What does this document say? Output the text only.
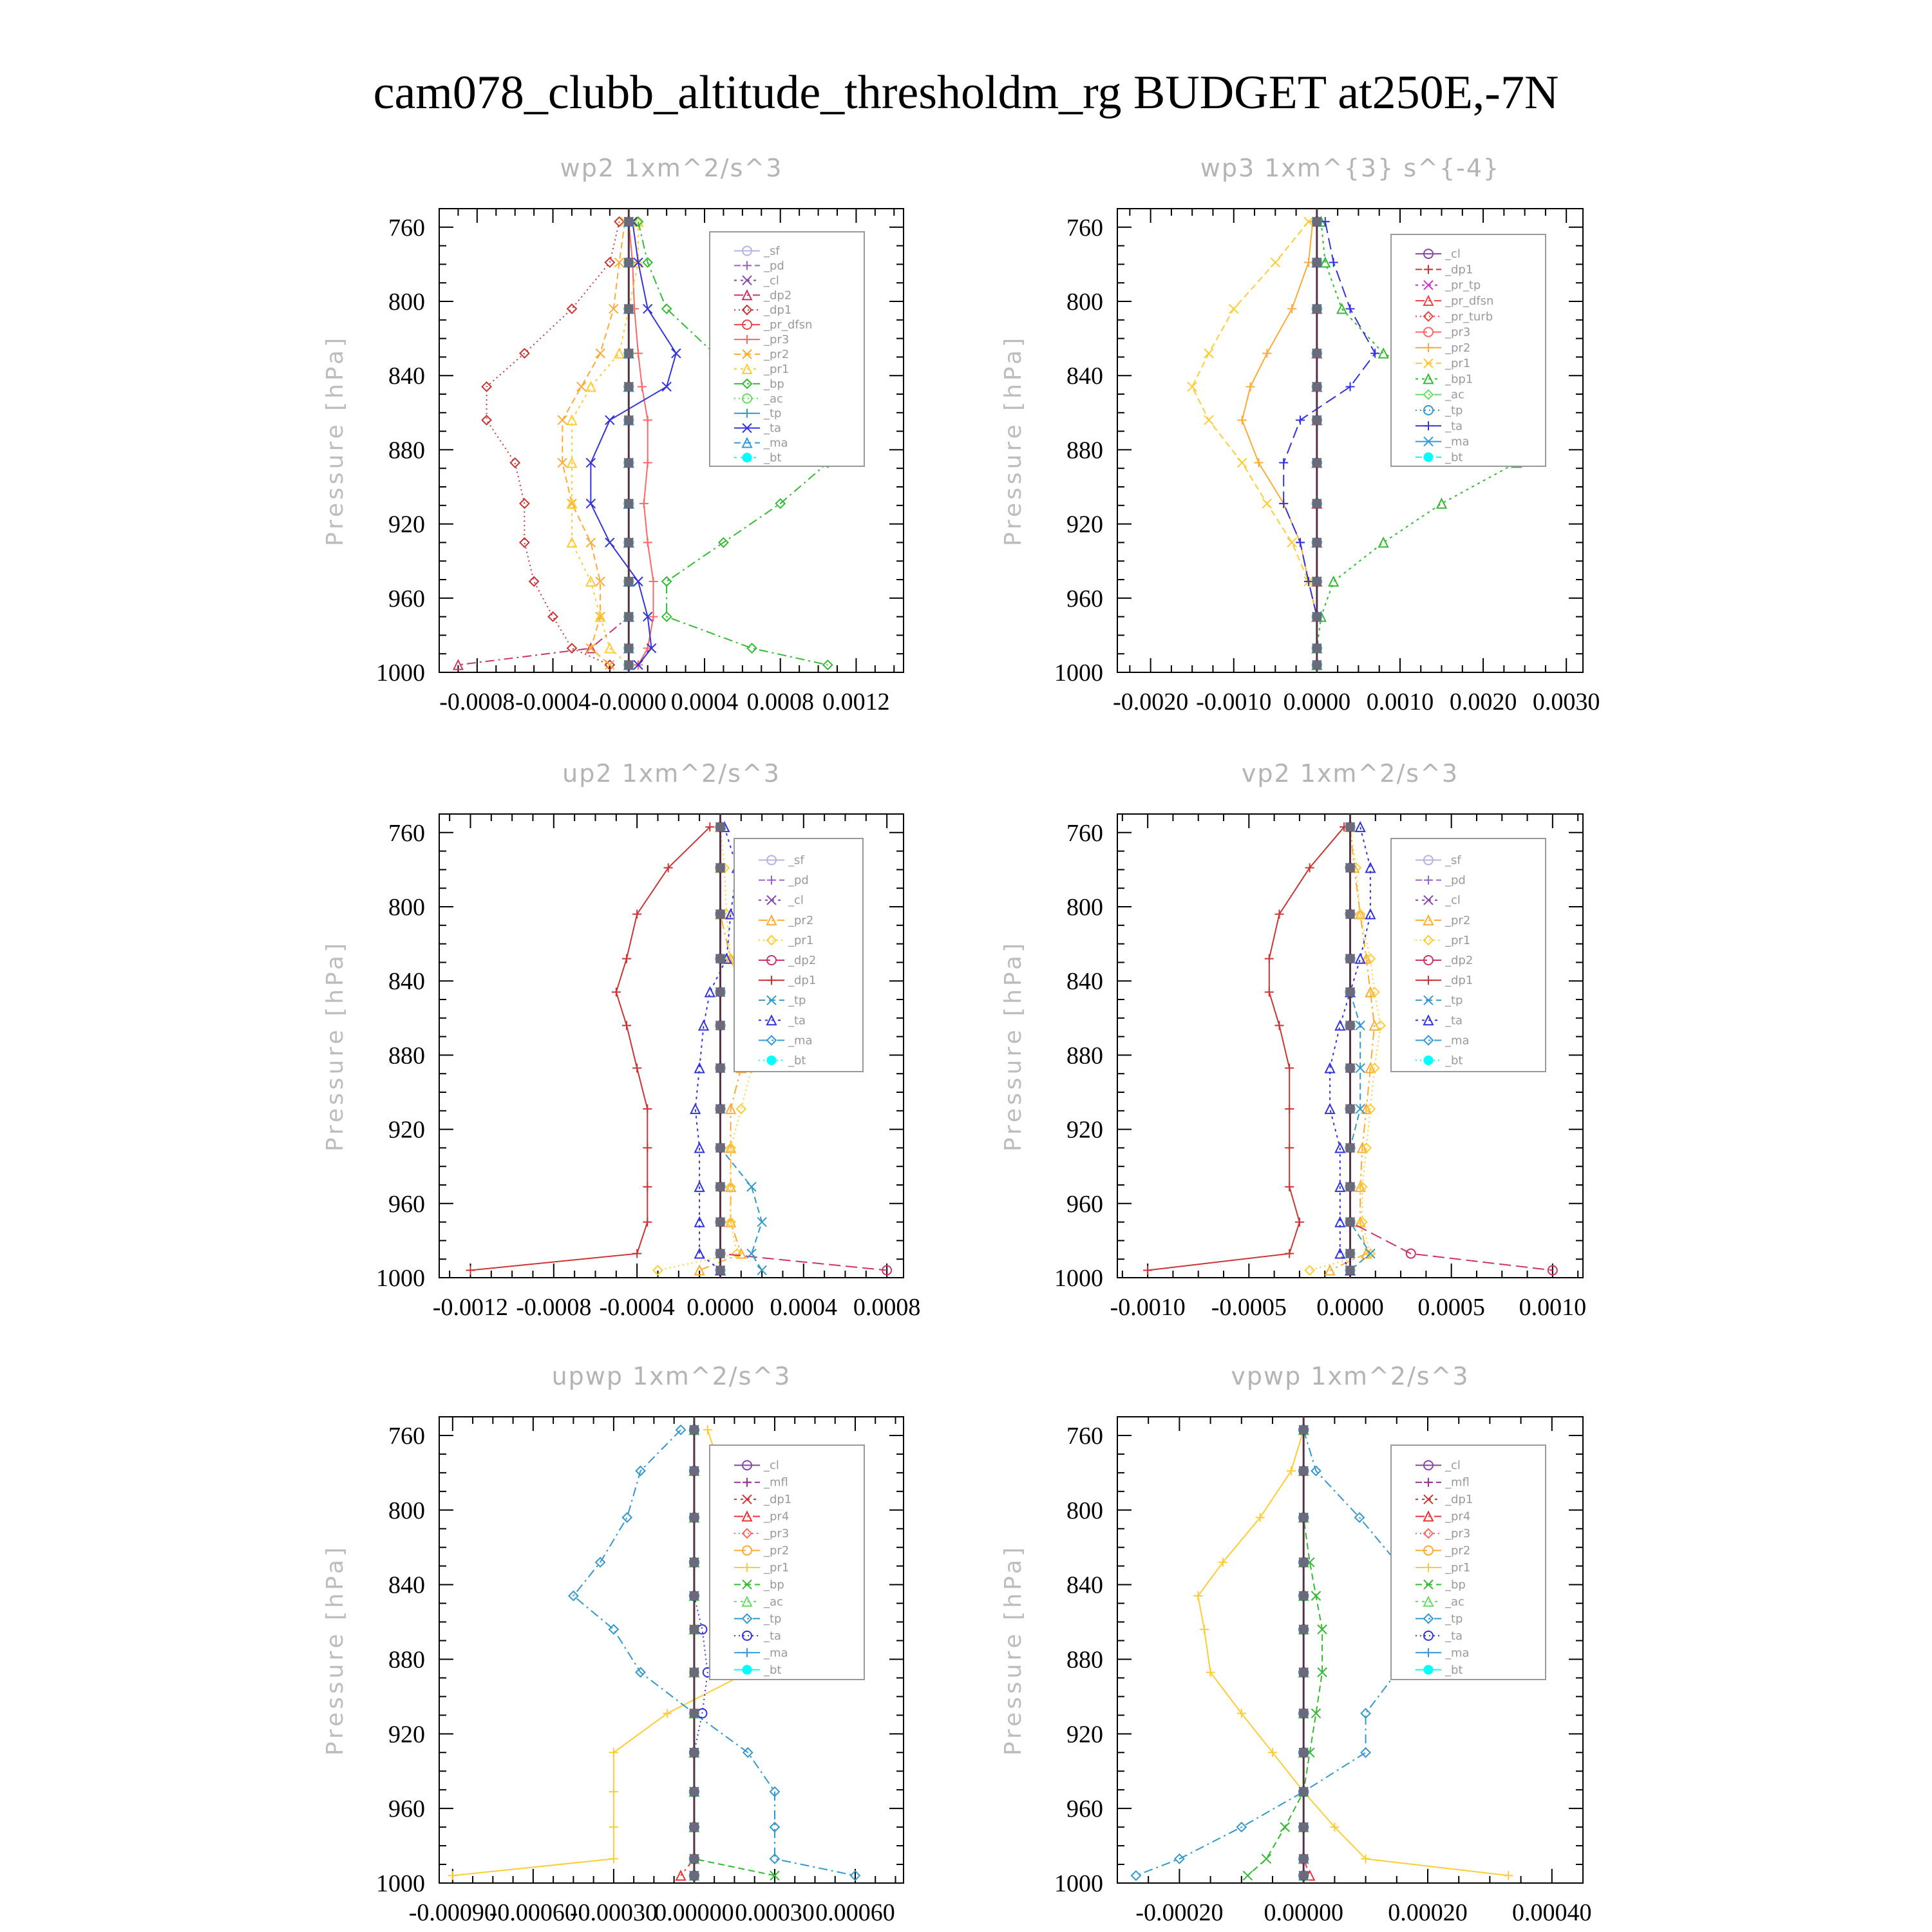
cam078_clubb_altitude_thresholdm_rg BUDGET at250E,-7N
wp2 1xm^2/s^3
Pressure [hPa]
760
800
840
880
920
960
1000
-0.0008 -0.0004 -0.0000 0.0004 0.0008 0.0012
_sf
_pd
_cl
_dp2
_dp1
_pr_dfsn
_pr3
_pr2
_pr1
_bp
_ac
_tp
_ta
_ma
_bt
wp3 1xm^{3} s^{-4}
Pressure [hPa]
760
800
840
880
920
960
1000
-0.0020 -0.0010 0.0000 0.0010 0.0020 0.0030
_cl
_dp1
_pr_tp
_pr_dfsn
_pr_turb
_pr3
_pr2
_pr1
_bp1
_ac
_tp
_ta
_ma
_bt
up2 1xm^2/s^3
Pressure [hPa]
760
800
840
880
920
960
1000
-0.0012 -0.0008 -0.0004 0.0000 0.0004 0.0008
_sf
_pd
_cl
_pr2
_pr1
_dp2
_dp1
_tp
_ta
_ma
_bt
vp2 1xm^2/s^3
Pressure [hPa]
760
800
840
880
920
960
1000
-0.0010 -0.0005 0.0000 0.0005 0.0010
_sf
_pd
_cl
_pr2
_pr1
_dp2
_dp1
_tp
_ta
_ma
_bt
upwp 1xm^2/s^3
Pressure [hPa]
760
800
840
880
920
960
1000
-0.00090
-0.00060
-0.00030
0.00000 0.00030 0.00060
_cl
_mfl
_dp1
_pr4
_pr3
_pr2
_pr1
_bp
_ac
_tp
_ta
_ma
_bt
vpwp 1xm^2/s^3
Pressure [hPa]
760
800
840
880
920
960
1000
-0.00020 0.00000 0.00020 0.00040
_cl
_mfl
_dp1
_pr4
_pr3
_pr2
_pr1
_bp
_ac
_tp
_ta
_ma
_bt
